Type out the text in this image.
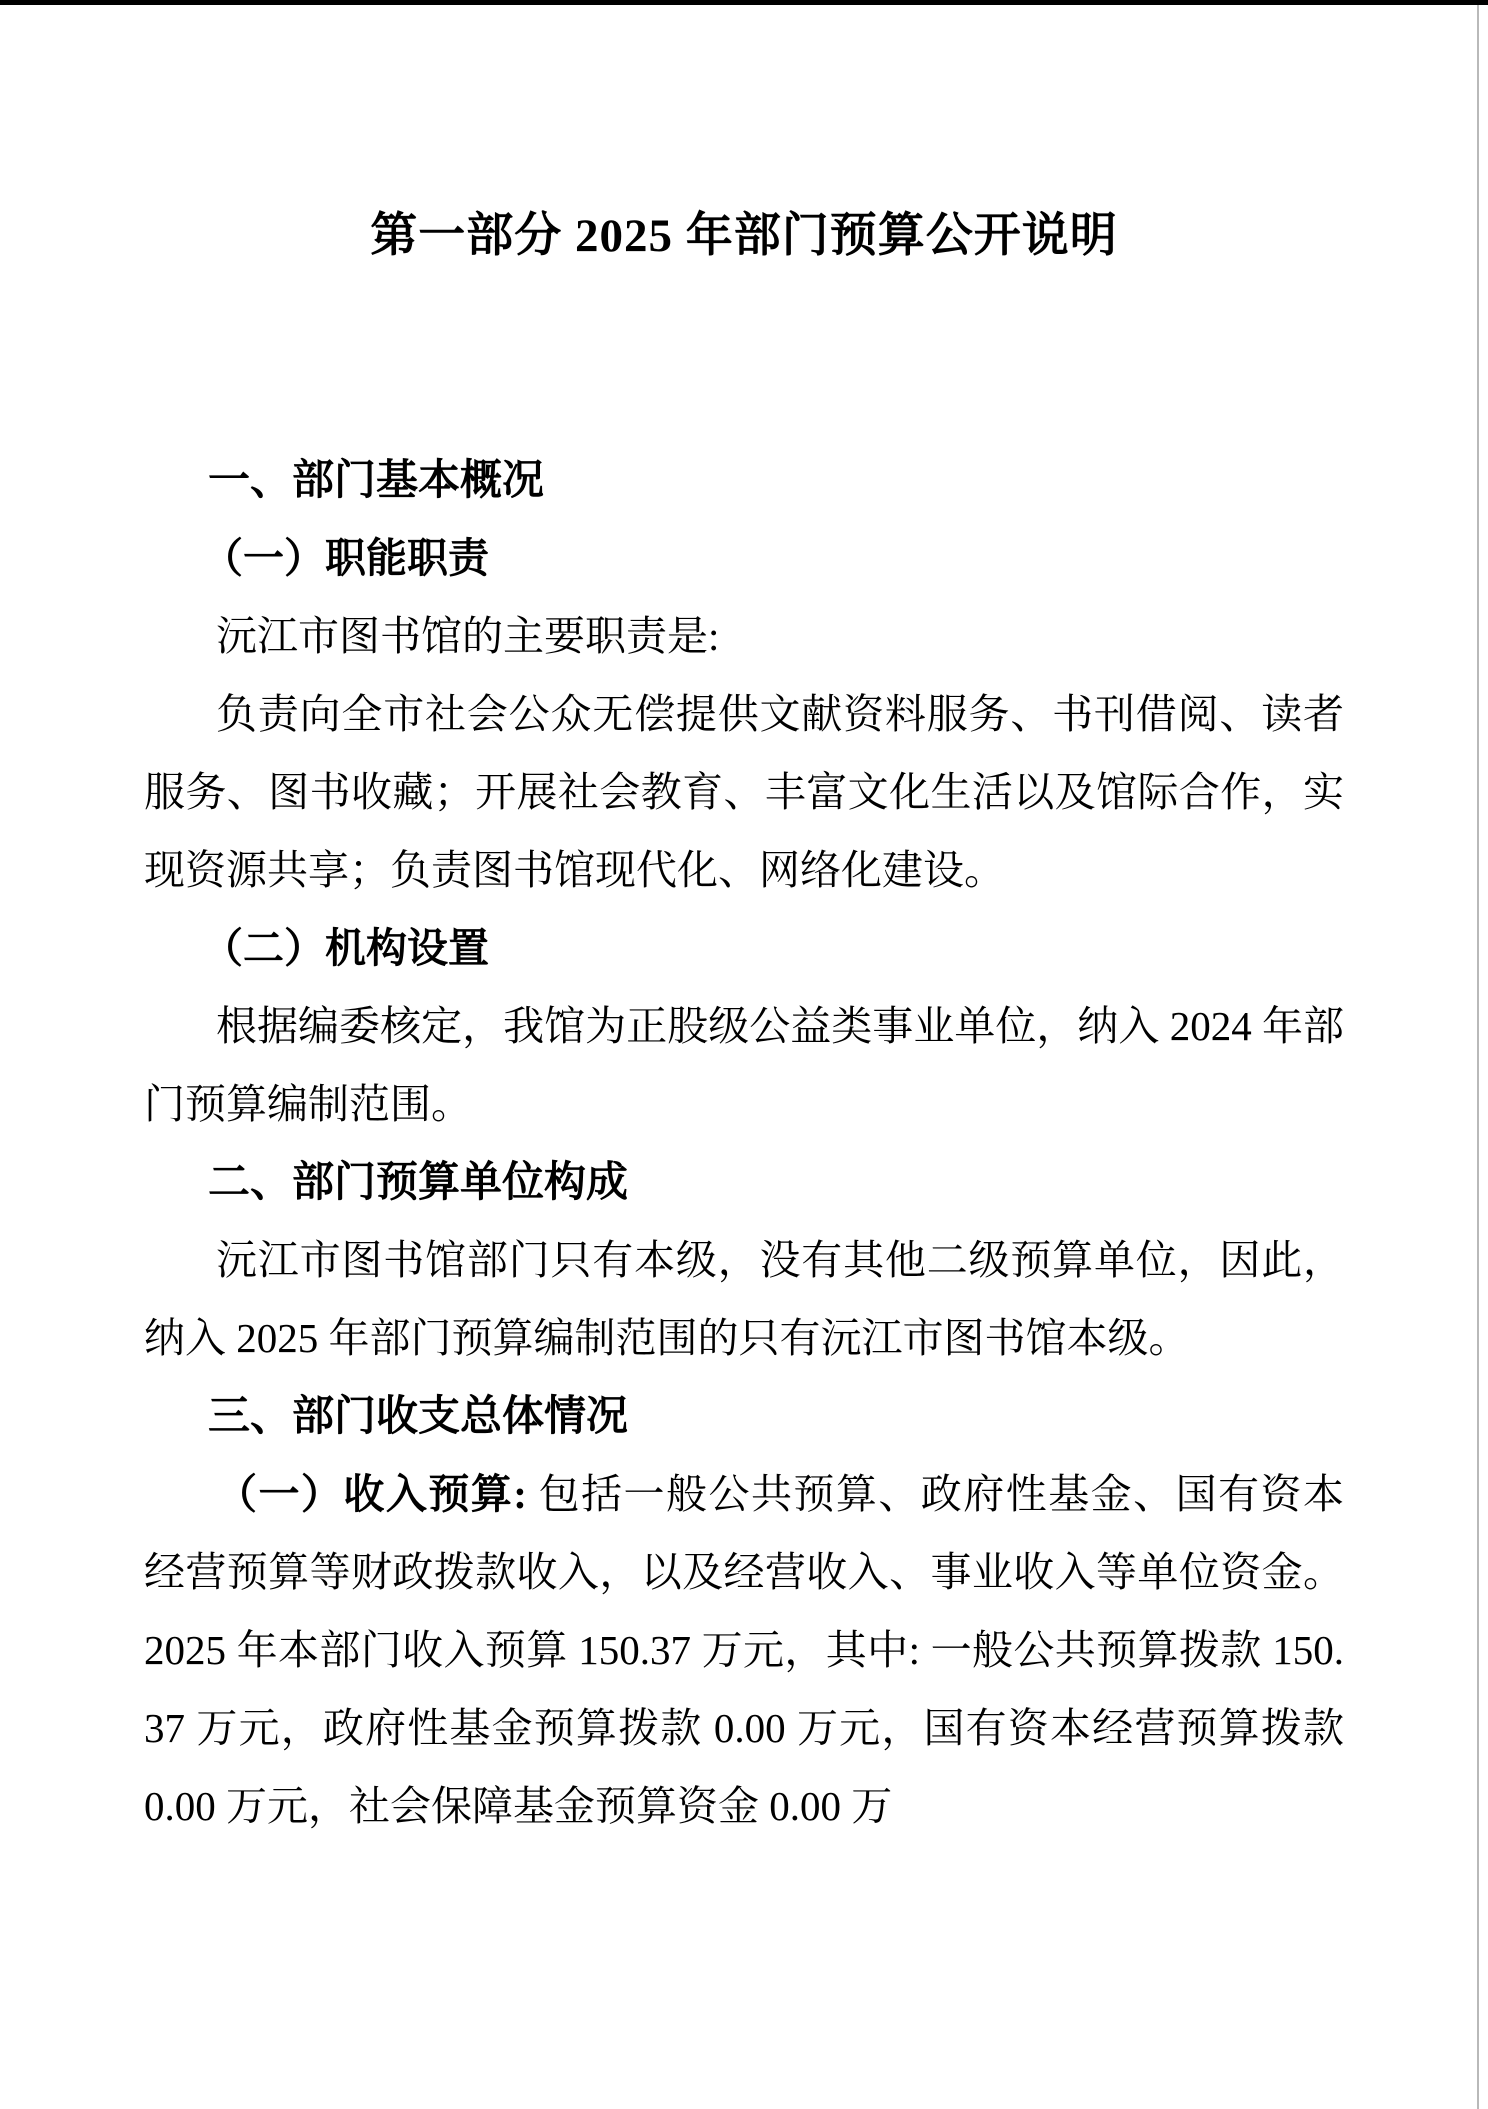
第一部分 2025 年部门预算公开说明
一、部门基本概况
（一）职能职责

沅江市图书馆的主要职责是:

负责向全市社会公众无偿提供文献资料服务、书刊借阅、读者服务、图书收藏；开展社会教育、丰富文化生活以及馆际合作，实现资源共享；负责图书馆现代化、网络化建设。

（二）机构设置

根据编委核定，我馆为正股级公益类事业单位，纳入 2024 年部门预算编制范围。

二、部门预算单位构成

沅江市图书馆部门只有本级，没有其他二级预算单位，因此，纳入 2025 年部门预算编制范围的只有沅江市图书馆本级。

三、部门收支总体情况

（一）收入预算: 包括一般公共预算、政府性基金、国有资本经营预算等财政拨款收入，以及经营收入、事业收入等单位资金。2025 年本部门收入预算 150.37 万元，其中: 一般公共预算拨款 150.37 万元，政府性基金预算拨款 0.00 万元，国有资本经营预算拨款 0.00 万元，社会保障基金预算资金 0.00 万
